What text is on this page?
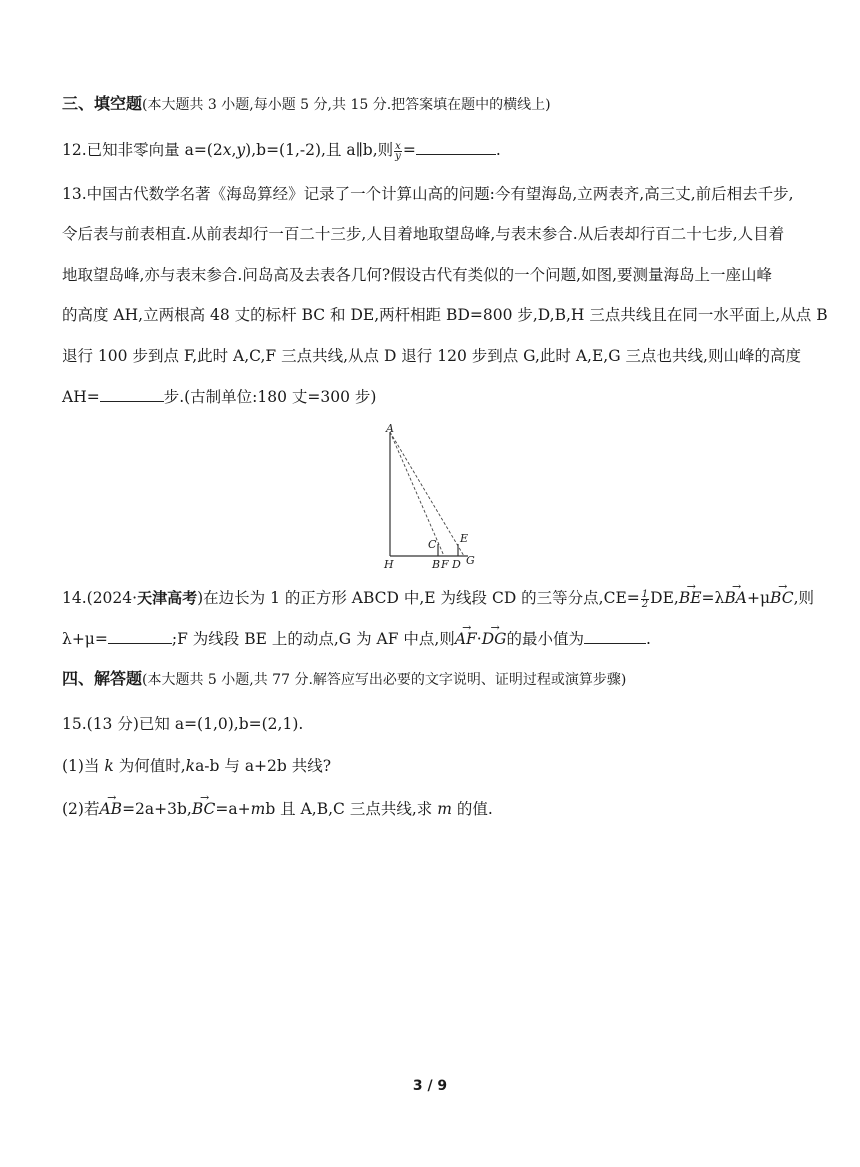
三、填空题(本大题共 3 小题,每小题 5 分,共 15 分.把答案填在题中的横线上)
12.已知非零向量 a=(2x,y),b=(1,-2),且 a∥b,则 $\frac{x}{y}$ =	.
13.中国古代数学名著《海岛算经》记录了一个计算山高的问题:今有望海岛,立两表齐,高三丈,前后相去千步,
令后表与前表相直.从前表却行一百二十三步,人目着地取望岛峰,与表末参合.从后表却行百二十七步,人目着
地取望岛峰,亦与表末参合.问岛高及去表各几何?假设古代有类似的一个问题,如图,要测量海岛上一座山峰
的高度 AH,立两根高 48 丈的标杆 BC 和 DE,两杆相距 BD=800 步,D,B,H 三点共线且在同一水平面上,从点 B
退行 100 步到点 F,此时 A,C,F 三点共线,从点 D 退行 120 步到点 G,此时 A,E,G 三点也共线,则山峰的高度
AH=	步.(古制单位:180 丈=300 步)
A
H	B F D
C E
G
14.(2024·天津高考)在边长为 1 的正方形 ABCD 中,E 为线段 CD 的三等分点$,CE= \frac{1}{2} DE,\to BE=\lambda\to BA+\mu\to$ BC,则
λ+μ=	;F 为线段 BE 上的动点,G 为 AF 中点,则→ AF·→ DG的最小值为	.
四、解答题(本大题共 5 小题,共 77 分.解答应写出必要的文字说明、证明过程或演算步骤)
15.(13 分)已知 a=(1,0),b=(2,1).
(1)当 k 为何值时,ka-b 与 a+2b 共线?
(2)若→ AB=2a+3b,→ BC=a+mb 且 A,B,C 三点共线,求 m 的值.
3 / 9
